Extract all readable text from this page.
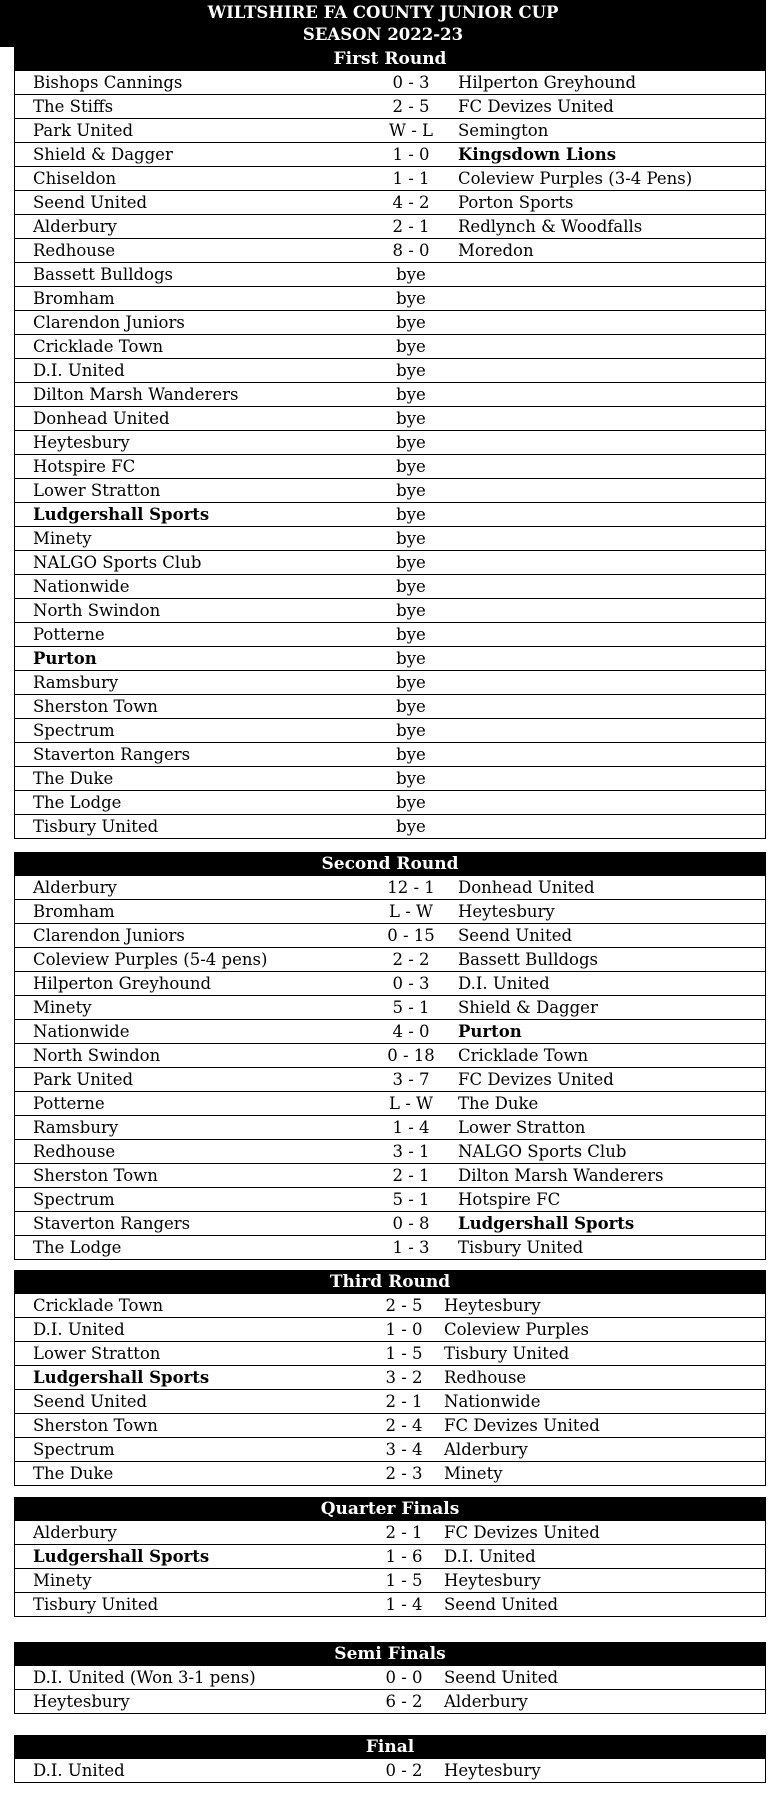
WILTSHIRE FA COUNTY JUNIOR CUP
SEASON 2022-23
First Round
Bishops Cannings	0 - 3	Hilperton Greyhound
The Stiffs	2 - 5	FC Devizes United
Park United	W - L	Semington
Shield & Dagger	1 - 0	Kingsdown Lions
Chiseldon	1 - 1	Coleview Purples (3-4 Pens)
Seend United	4 - 2	Porton Sports
Alderbury	2 - 1	Redlynch & Woodfalls
Redhouse	8 - 0	Moredon
Bassett Bulldogs	bye
Bromham	bye
Clarendon Juniors	bye
Cricklade Town	bye
D.I. United	bye
Dilton Marsh Wanderers	bye
Donhead United	bye
Heytesbury	bye
Hotspire FC	bye
Lower Stratton	bye
Ludgershall Sports	bye
Minety	bye
NALGO Sports Club	bye
Nationwide	bye
North Swindon	bye
Potterne	bye
Purton	bye
Ramsbury	bye
Sherston Town	bye
Spectrum	bye
Staverton Rangers	bye
The Duke	bye
The Lodge	bye
Tisbury United	bye
Second Round
Alderbury	12 - 1	Donhead United
Bromham	L - W	Heytesbury
Clarendon Juniors	0 - 15	Seend United
Coleview Purples (5-4 pens)	2 - 2	Bassett Bulldogs
Hilperton Greyhound	0 - 3	D.I. United
Minety	5 - 1	Shield & Dagger
Nationwide	4 - 0	Purton
North Swindon	0 - 18	Cricklade Town
Park United	3 - 7	FC Devizes United
Potterne	L - W	The Duke
Ramsbury	1 - 4	Lower Stratton
Redhouse	3 - 1	NALGO Sports Club
Sherston Town	2 - 1	Dilton Marsh Wanderers
Spectrum	5 - 1	Hotspire FC
Staverton Rangers	0 - 8	Ludgershall Sports
The Lodge	1 - 3	Tisbury United
Third Round
Cricklade Town	2 - 5	Heytesbury
D.I. United	1 - 0	Coleview Purples
Lower Stratton	1 - 5	Tisbury United
Ludgershall Sports	3 - 2	Redhouse
Seend United	2 - 1	Nationwide
Sherston Town	2 - 4	FC Devizes United
Spectrum	3 - 4	Alderbury
The Duke	2 - 3	Minety
Quarter Finals
Alderbury	2 - 1	FC Devizes United
Ludgershall Sports	1 - 6	D.I. United
Minety	1 - 5	Heytesbury
Tisbury United	1 - 4	Seend United
Semi Finals
D.I. United (Won 3-1 pens)	0 - 0	Seend United
Heytesbury	6 - 2	Alderbury
Final
D.I. United	0 - 2	Heytesbury
